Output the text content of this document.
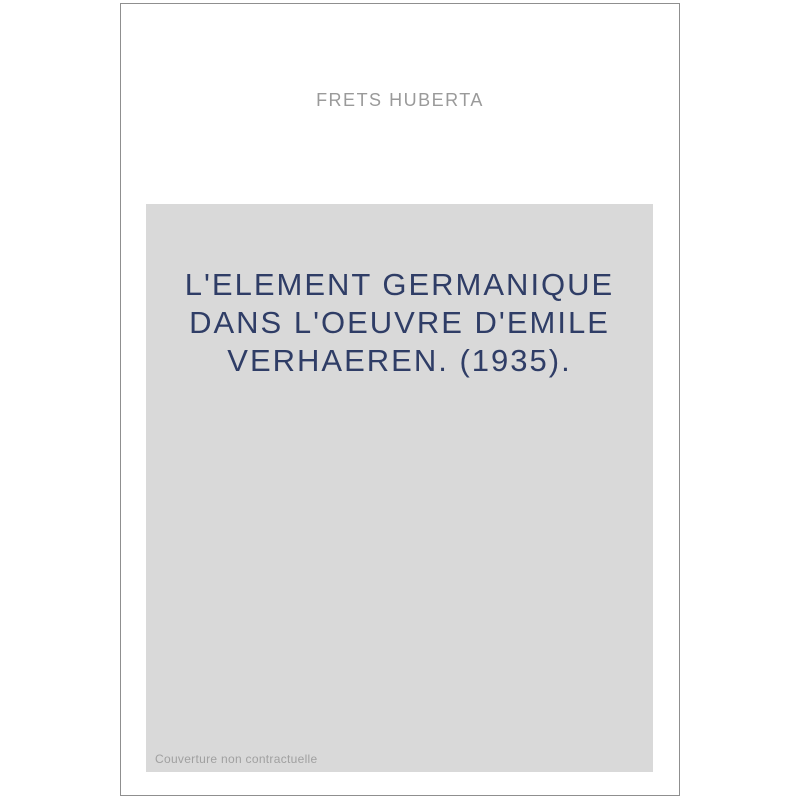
FRETS HUBERTA
L'ELEMENT GERMANIQUE
DANS L'OEUVRE D'EMILE
VERHAEREN. (1935).
Couverture non contractuelle
